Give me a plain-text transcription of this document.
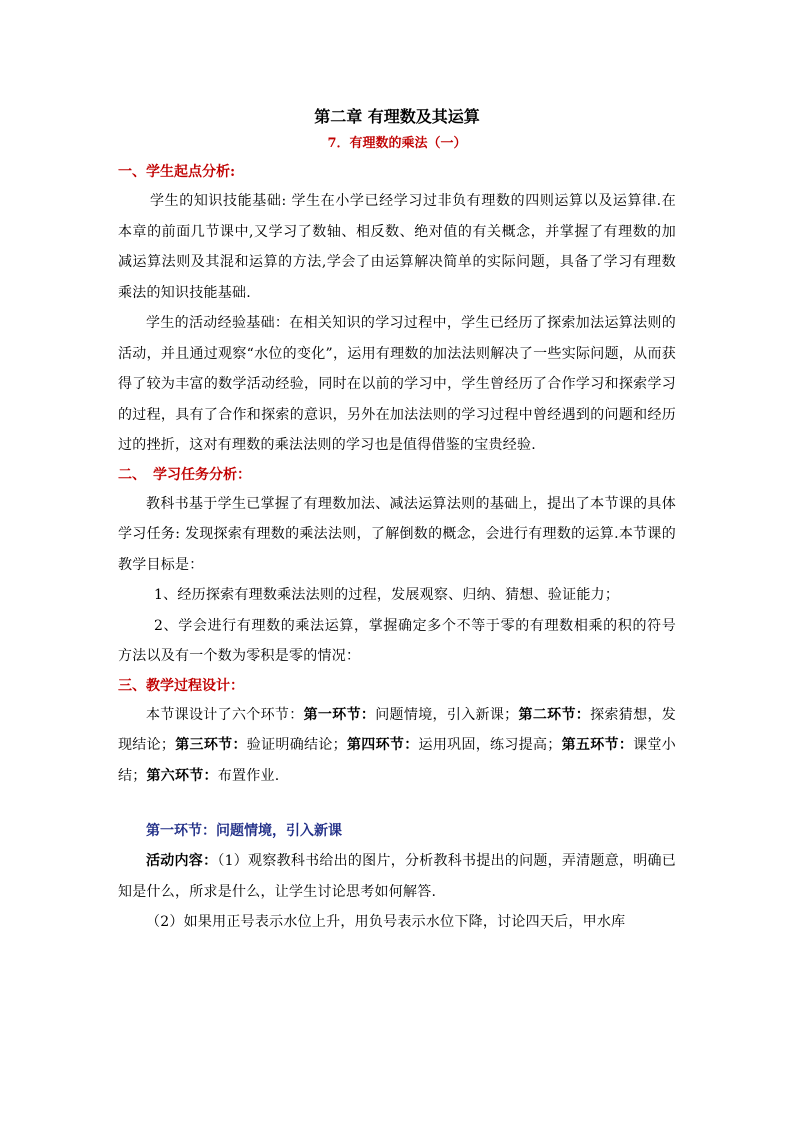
第二章 有理数及其运算

7．有理数的乘法（一）

一、学生起点分析:

学生的知识技能基础: 学生在小学已经学习过非负有理数的四则运算以及运算律.在本章的前面几节课中,又学习了数轴、相反数、绝对值的有关概念，并掌握了有理数的加减运算法则及其混和运算的方法,学会了由运算解决简单的实际问题，具备了学习有理数乘法的知识技能基础.

学生的活动经验基础：在相关知识的学习过程中，学生已经历了探索加法运算法则的活动，并且通过观察“水位的变化”，运用有理数的加法法则解决了一些实际问题，从而获得了较为丰富的数学活动经验，同时在以前的学习中，学生曾经历了合作学习和探索学习的过程，具有了合作和探索的意识，另外在加法法则的学习过程中曾经遇到的问题和经历过的挫折，这对有理数的乘法法则的学习也是值得借鉴的宝贵经验.

二、　学习任务分析：

教科书基于学生已掌握了有理数加法、减法运算法则的基础上，提出了本节课的具体学习任务: 发现探索有理数的乘法法则，了解倒数的概念，会进行有理数的运算.本节课的教学目标是：

1、经历探索有理数乘法法则的过程，发展观察、归纳、猜想、验证能力；

2、学会进行有理数的乘法运算，掌握确定多个不等于零的有理数相乘的积的符号方法以及有一个数为零积是零的情况：

三、教学过程设计：

本节课设计了六个环节：第一环节：问题情境，引入新课；第二环节：探索猜想，发现结论；第三环节：验证明确结论；第四环节：运用巩固，练习提高；第五环节：课堂小结；第六环节：布置作业.

第一环节：问题情境，引入新课

活动内容：（1）观察教科书给出的图片，分析教科书提出的问题，弄清题意，明确已知是什么，所求是什么，让学生讨论思考如何解答.

（2）如果用正号表示水位上升，用负号表示水位下降，讨论四天后，甲水库
